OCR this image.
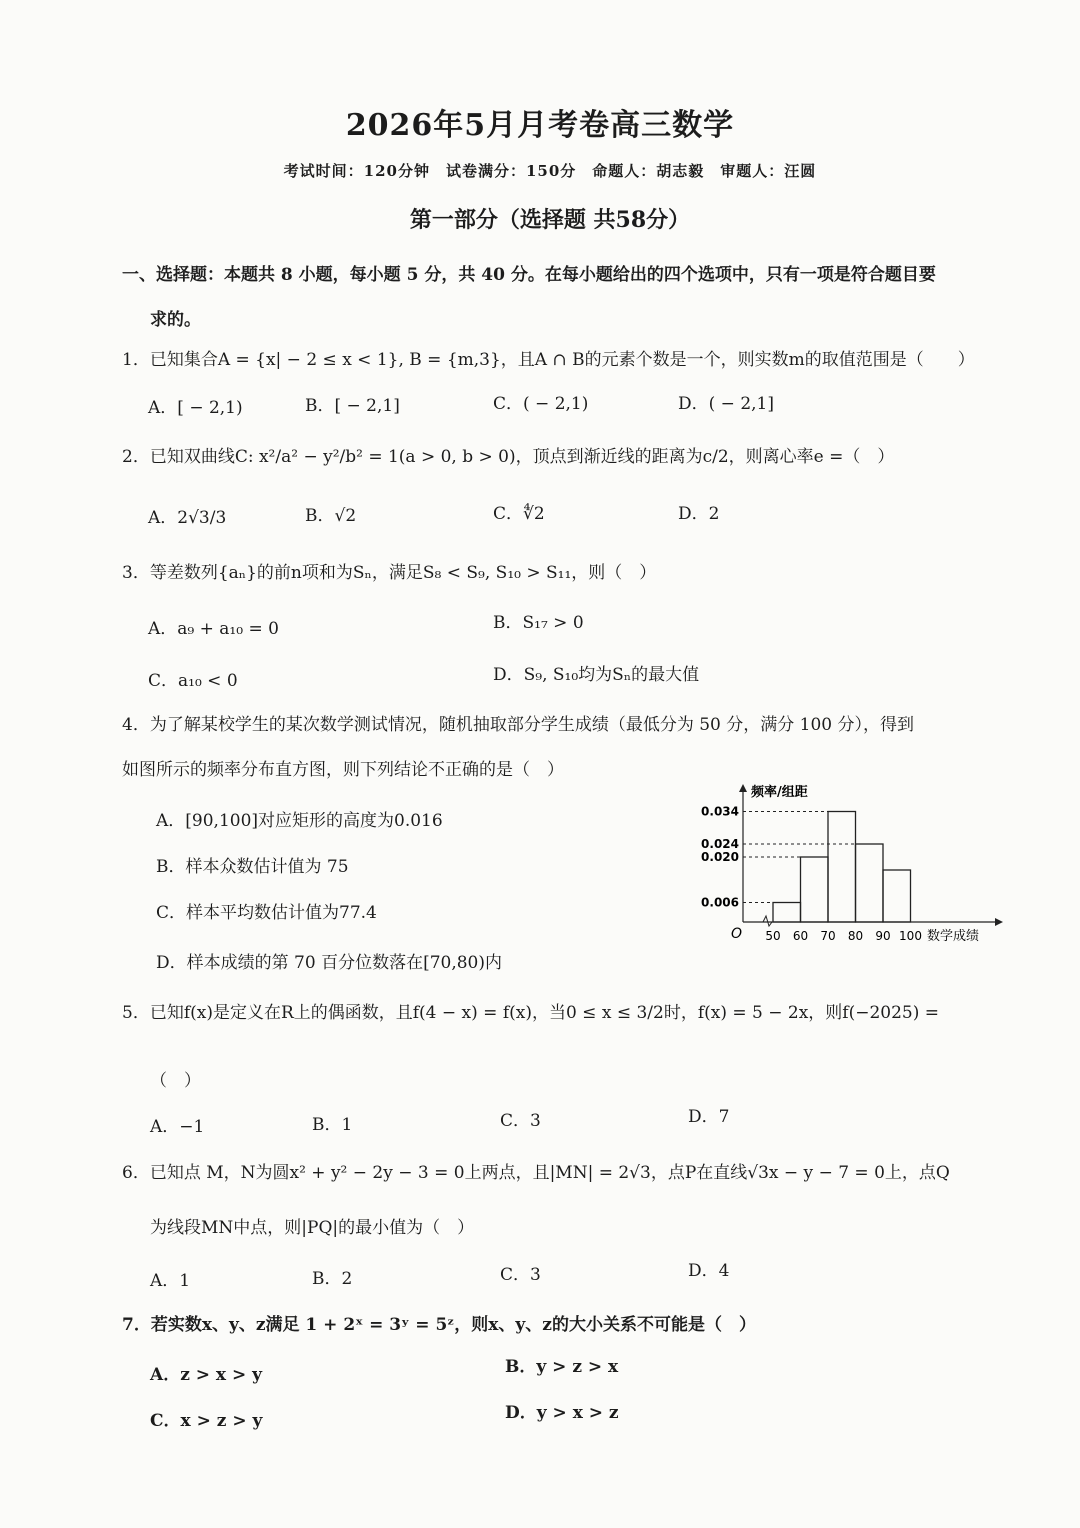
2026年5月月考卷高三数学
考试时间：120分钟　试卷满分：150分　命题人：胡志毅　审题人：汪圆
第一部分（选择题 共58分）
一、选择题：本题共 8 小题，每小题 5 分，共 40 分。在每小题给出的四个选项中，只有一项是符合题目要
求的。
1．已知集合A = {x| − 2 ≤ x < 1}, B = {m,3}，且A ∩ B的元素个数是一个，则实数m的取值范围是（　　）
A．[ − 2,1)	B．[ − 2,1]	C．( − 2,1)	D．( − 2,1]
2．已知双曲线C: x²/a² − y²/b² = 1(a > 0, b > 0)，顶点到渐近线的距离为c/2，则离心率e =（　）
A．2√3/3	B．√2	C．∜2	D．2
3．等差数列{aₙ}的前n项和为Sₙ，满足S₈ < S₉, S₁₀ > S₁₁，则（　）
A．a₉ + a₁₀ = 0	B．S₁₇ > 0
C．a₁₀ < 0	D．S₉, S₁₀均为Sₙ的最大值
4．为了解某校学生的某次数学测试情况，随机抽取部分学生成绩（最低分为 50 分，满分 100 分），得到
如图所示的频率分布直方图，则下列结论不正确的是（　）
A．[90,100]对应矩形的高度为0.016
B．样本众数估计值为 75
C．样本平均数估计值为77.4
D．样本成绩的第 70 百分位数落在[70,80)内
频率/组距
数学成绩
O 50 60 70 80 90 100
0.034
0.024
0.020
0.006
5．已知f(x)是定义在R上的偶函数，且f(4 − x) = f(x)，当0 ≤ x ≤ 3/2时，f(x) = 5 − 2x，则f(−2025) =
（　）
A．−1	B．1	C．3	D．7
6．已知点 M，N为圆x² + y² − 2y − 3 = 0上两点，且|MN| = 2√3，点P在直线√3x − y − 7 = 0上，点Q
为线段MN中点，则|PQ|的最小值为（　）
A．1	B．2	C．3	D．4
7．若实数x、y、z满足 1 + 2ˣ = 3ʸ = 5ᶻ，则x、y、z的大小关系不可能是（　）
A．z > x > y	B．y > z > x
C．x > z > y	D．y > x > z
